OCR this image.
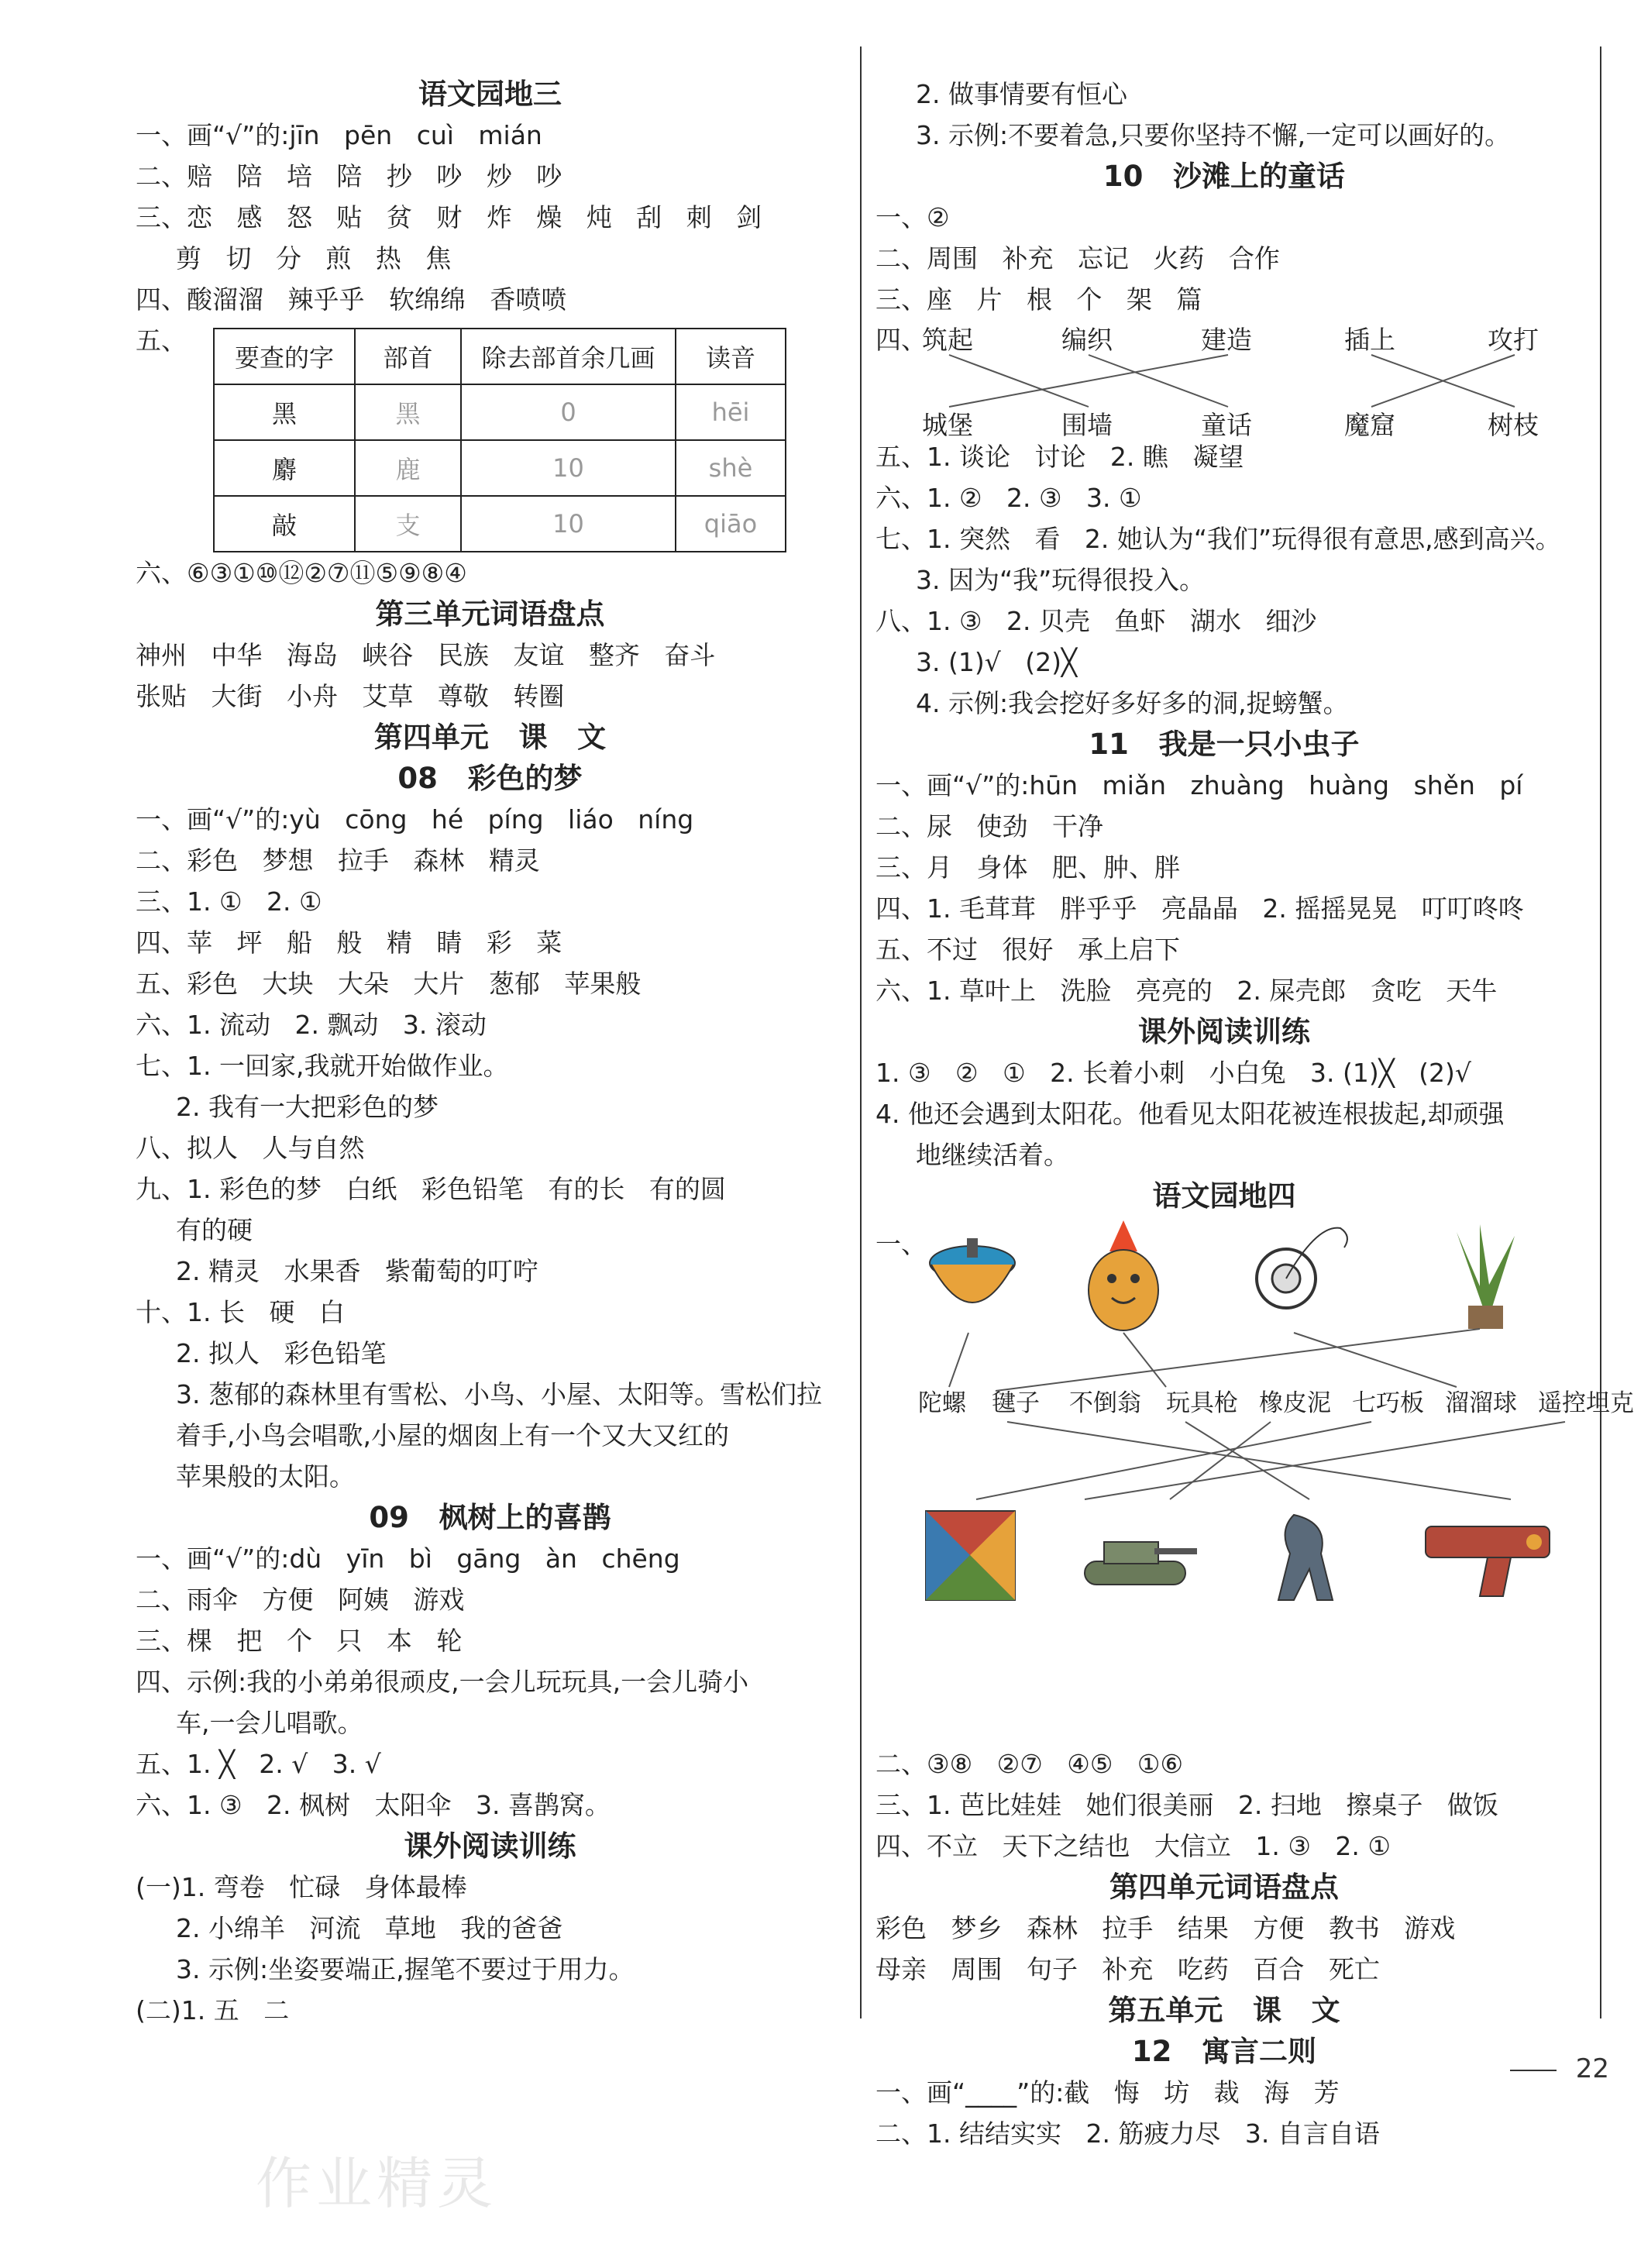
语文园地三
一、画“√”的:jīn   pēn   cuì   mián
二、赔   陪   培   陪   抄   吵   炒   吵
三、恋   感   怒   贴   贫   财   炸   燥   炖   刮   刺   剑
剪   切   分   煎   热   焦
四、酸溜溜   辣乎乎   软绵绵   香喷喷
五、
要查的字	部首	除去部首余几画	读音
黑	黑	0	hēi
麝	鹿	10	shè
敲	支	10	qiāo
六、⑥③①⑩⑫②⑦⑪⑤⑨⑧④
第三单元词语盘点
神州   中华   海岛   峡谷   民族   友谊   整齐   奋斗
张贴   大街   小舟   艾草   尊敬   转圈
第四单元   课   文
08   彩色的梦
一、画“√”的:yù   cōng   hé   píng   liáo   níng
二、彩色   梦想   拉手   森林   精灵
三、1. ①   2. ①
四、苹   坪   船   般   精   睛   彩   菜
五、彩色   大块   大朵   大片   葱郁   苹果般
六、1. 流动   2. 飘动   3. 滚动
七、1. 一回家,我就开始做作业。
2. 我有一大把彩色的梦
八、拟人   人与自然
九、1. 彩色的梦   白纸   彩色铅笔   有的长   有的圆
有的硬
2. 精灵   水果香   紫葡萄的叮咛
十、1. 长   硬   白
2. 拟人   彩色铅笔
3. 葱郁的森林里有雪松、小鸟、小屋、太阳等。雪松们拉
着手,小鸟会唱歌,小屋的烟囱上有一个又大又红的
苹果般的太阳。
09   枫树上的喜鹊
一、画“√”的:dù   yīn   bì   gāng   àn   chēng
二、雨伞   方便   阿姨   游戏
三、棵   把   个   只   本   轮
四、示例:我的小弟弟很顽皮,一会儿玩玩具,一会儿骑小
车,一会儿唱歌。
五、1. ╳   2. √   3. √
六、1. ③   2. 枫树   太阳伞   3. 喜鹊窝。
课外阅读训练
(一)1. 弯卷   忙碌   身体最棒
2. 小绵羊   河流   草地   我的爸爸
3. 示例:坐姿要端正,握笔不要过于用力。
(二)1. 五   二
2. 做事情要有恒心
3. 示例:不要着急,只要你坚持不懈,一定可以画好的。
10   沙滩上的童话
一、②
二、周围   补充   忘记   火药   合作
三、座   片   根   个   架   篇
四、
筑起	编织	建造	插上	攻打
城堡	围墙	童话	魔窟	树枝
五、1. 谈论   讨论   2. 瞧   凝望
六、1. ②   2. ③   3. ①
七、1. 突然   看   2. 她认为“我们”玩得很有意思,感到高兴。
3. 因为“我”玩得很投入。
八、1. ③   2. 贝壳   鱼虾   湖水   细沙
3. (1)√   (2)╳
4. 示例:我会挖好多好多的洞,捉螃蟹。
11   我是一只小虫子
一、画“√”的:hūn   miǎn   zhuàng   huàng   shěn   pí
二、尿   使劲   干净
三、月   身体   肥、肿、胖
四、1. 毛茸茸   胖乎乎   亮晶晶   2. 摇摇晃晃   叮叮咚咚
五、不过   很好   承上启下
六、1. 草叶上   洗脸   亮亮的   2. 屎壳郎   贪吃   天牛
课外阅读训练
1. ③   ②   ①   2. 长着小刺   小白兔   3. (1)╳   (2)√
4. 他还会遇到太阳花。他看见太阳花被连根拔起,却顽强
地继续活着。
语文园地四
一、
陀螺 毽子 不倒翁 玩具枪 橡皮泥 七巧板 溜溜球 遥控坦克
二、③⑧   ②⑦   ④⑤   ①⑥
三、1. 芭比娃娃   她们很美丽   2. 扫地   擦桌子   做饭
四、不立   天下之结也   大信立   1. ③   2. ①
第四单元词语盘点
彩色   梦乡   森林   拉手   结果   方便   教书   游戏
母亲   周围   句子   补充   吃药   百合   死亡
第五单元   课   文
12   寓言二则
一、画“____”的:截   悔   坊   裁   海   芳
二、1. 结结实实   2. 筋疲力尽   3. 自言自语
22
作业精灵
